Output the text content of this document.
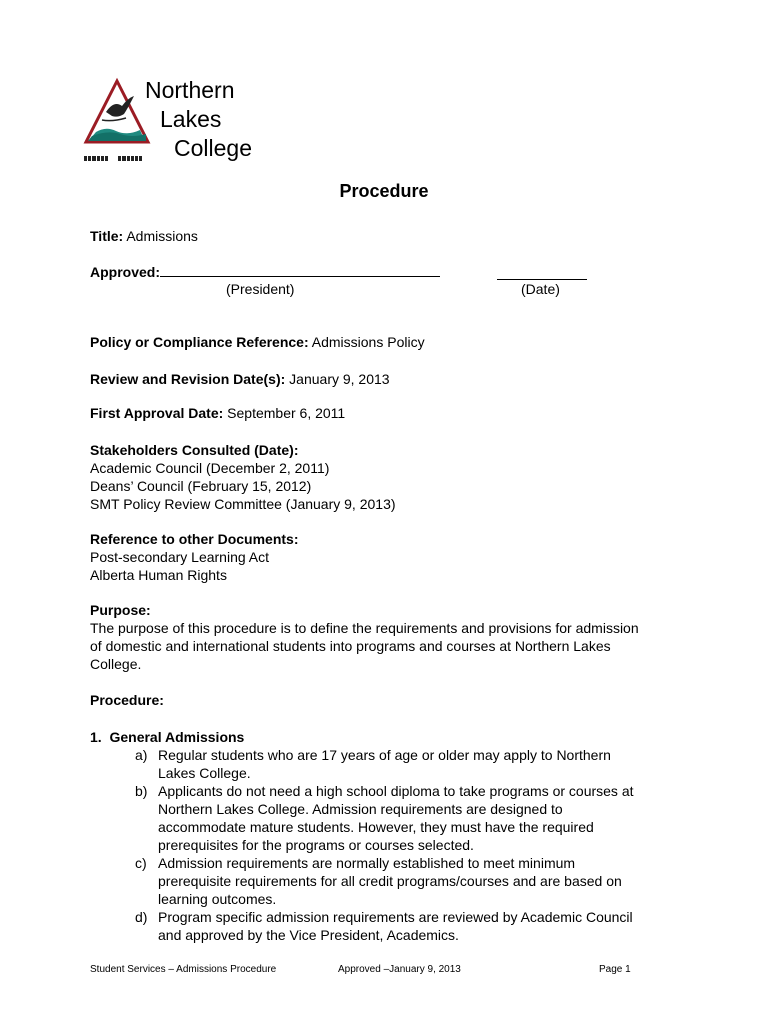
Northern
Lakes
College
Procedure
Title: Admissions
Approved:
(President)	(Date)
Policy or Compliance Reference: Admissions Policy
Review and Revision Date(s): January 9, 2013
First Approval Date: September 6, 2011
Stakeholders Consulted (Date):
Academic Council (December 2, 2011)
Deans’ Council (February 15, 2012)
SMT Policy Review Committee (January 9, 2013)
Reference to other Documents:
Post-secondary Learning Act
Alberta Human Rights
Purpose:
The purpose of this procedure is to define the requirements and provisions for admission
of domestic and international students into programs and courses at Northern Lakes
College.
Procedure:
1. General Admissions
a) Regular students who are 17 years of age or older may apply to Northern
Lakes College.
b) Applicants do not need a high school diploma to take programs or courses at
Northern Lakes College. Admission requirements are designed to
accommodate mature students. However, they must have the required
prerequisites for the programs or courses selected.
c) Admission requirements are normally established to meet minimum
prerequisite requirements for all credit programs/courses and are based on
learning outcomes.
d) Program specific admission requirements are reviewed by Academic Council
and approved by the Vice President, Academics.
Student Services – Admissions Procedure	Approved –January 9, 2013	Page 1
